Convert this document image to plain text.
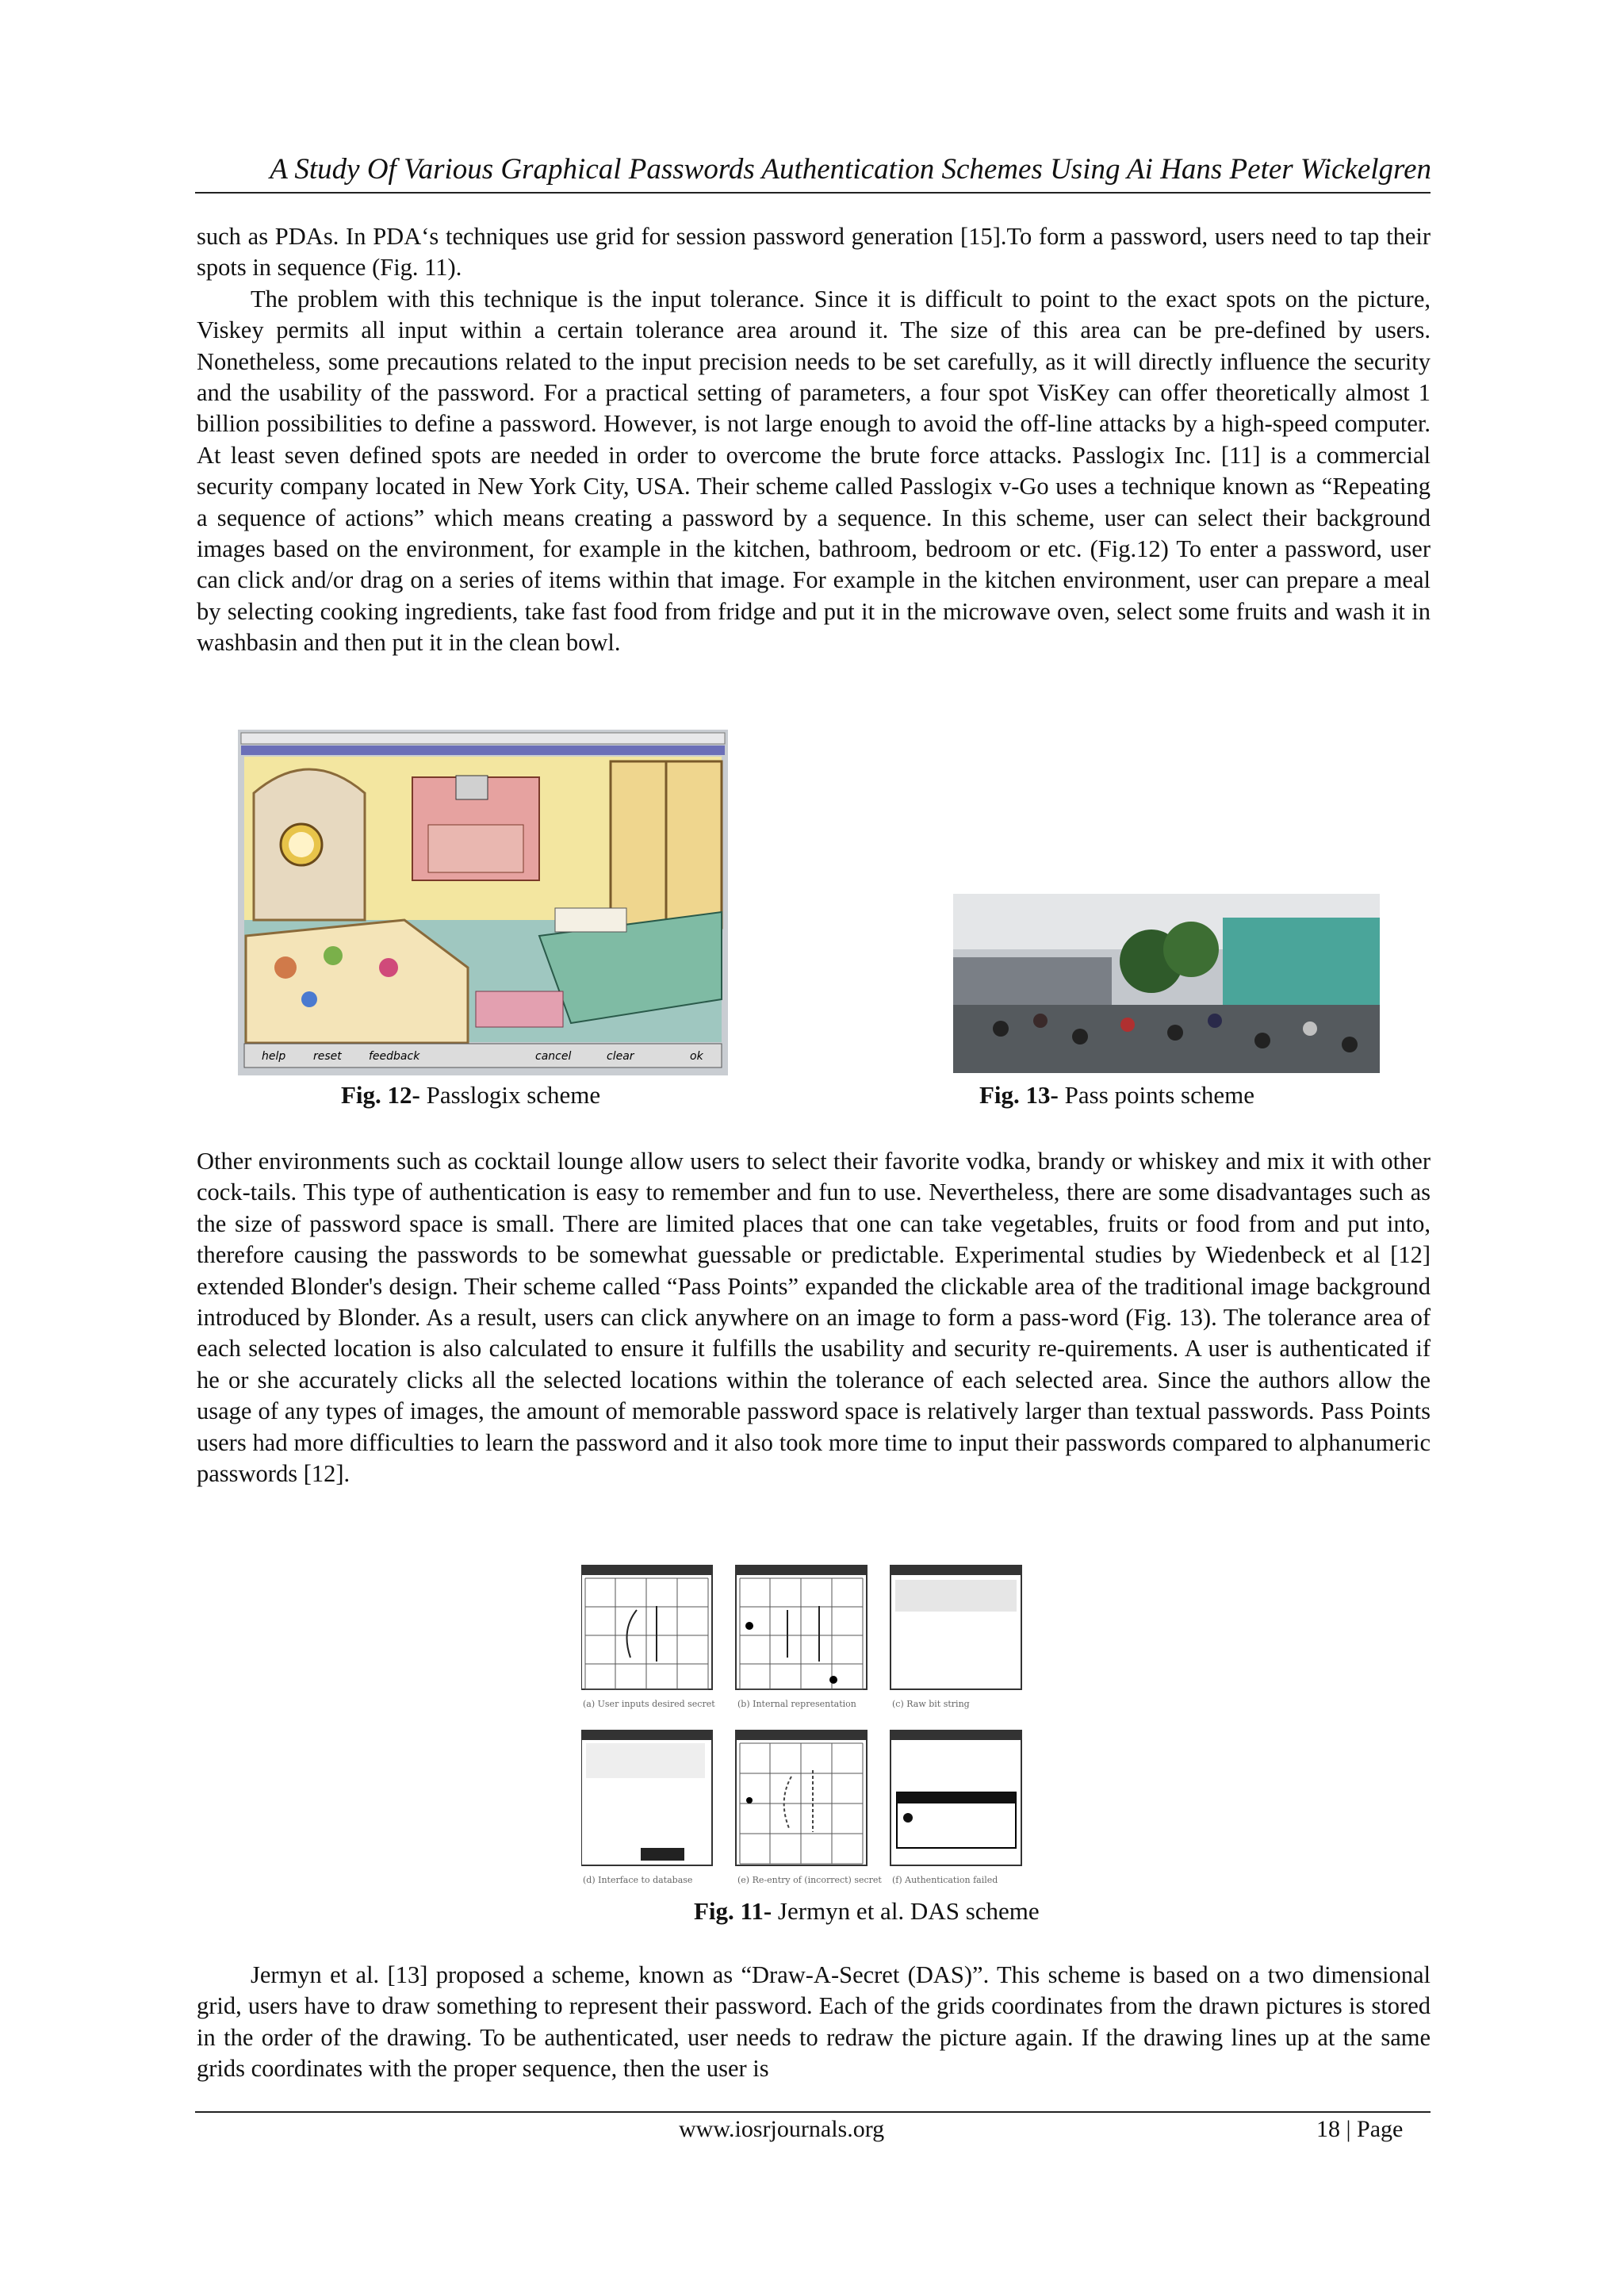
A Study Of Various Graphical Passwords Authentication Schemes Using Ai Hans Peter Wickelgren

such as PDAs. In PDA‘s techniques use grid for session password generation [15].To form a password, users need to tap their spots in sequence (Fig. 11).

The problem with this technique is the input tolerance. Since it is difficult to point to the exact spots on the picture, Viskey permits all input within a certain tolerance area around it. The size of this area can be pre-defined by users. Nonetheless, some precautions related to the input precision needs to be set carefully, as it will directly influence the security and the usability of the password. For a practical setting of parameters, a four spot VisKey can offer theoretically almost 1 billion possibilities to define a password. However, is not large enough to avoid the off-line attacks by a high-speed computer. At least seven defined spots are needed in order to overcome the brute force attacks. Passlogix Inc. [11] is a commercial security company located in New York City, USA. Their scheme called Passlogix v-Go uses a technique known as “Repeating a sequence of actions” which means creating a password by a sequence. In this scheme, user can select their background images based on the environment, for example in the kitchen, bathroom, bedroom or etc. (Fig.12) To enter a password, user can click and/or drag on a series of items within that image. For example in the kitchen environment, user can prepare a meal by selecting cooking ingredients, take fast food from fridge and put it in the microwave oven, select some fruits and wash it in washbasin and then put it in the clean bowl.

help reset feedback	cancel	clear	ok
Fig. 12- Passlogix scheme	Fig. 13- Pass points scheme

Other environments such as cocktail lounge allow users to select their favorite vodka, brandy or whiskey and mix it with other cock-tails. This type of authentication is easy to remember and fun to use. Nevertheless, there are some disadvantages such as the size of password space is small. There are limited places that one can take vegetables, fruits or food from and put into, therefore causing the passwords to be somewhat guessable or predictable. Experimental studies by Wiedenbeck et al [12] extended Blonder's design. Their scheme called “Pass Points” expanded the clickable area of the traditional image background introduced by Blonder. As a result, users can click anywhere on an image to form a pass-word (Fig. 13). The tolerance area of each selected location is also calculated to ensure it fulfills the usability and security re-quirements. A user is authenticated if he or she accurately clicks all the selected locations within the tolerance of each selected area. Since the authors allow the usage of any types of images, the amount of memorable password space is relatively larger than textual passwords. Pass Points users had more difficulties to learn the password and it also took more time to input their passwords compared to alphanumeric passwords [12].

(a) User inputs desired secret	(b) Internal representation	(c) Raw bit string
(d) Interface to database	(e) Re-entry of (incorrect) secret (f) Authentication failed
Fig. 11- Jermyn et al. DAS scheme

Jermyn et al. [13] proposed a scheme, known as “Draw-A-Secret (DAS)”. This scheme is based on a two dimensional grid, users have to draw something to represent their password. Each of the grids coordinates from the drawn pictures is stored in the order of the drawing. To be authenticated, user needs to redraw the picture again. If the drawing lines up at the same grids coordinates with the proper sequence, then the user is

www.iosrjournals.org	18 | Page
